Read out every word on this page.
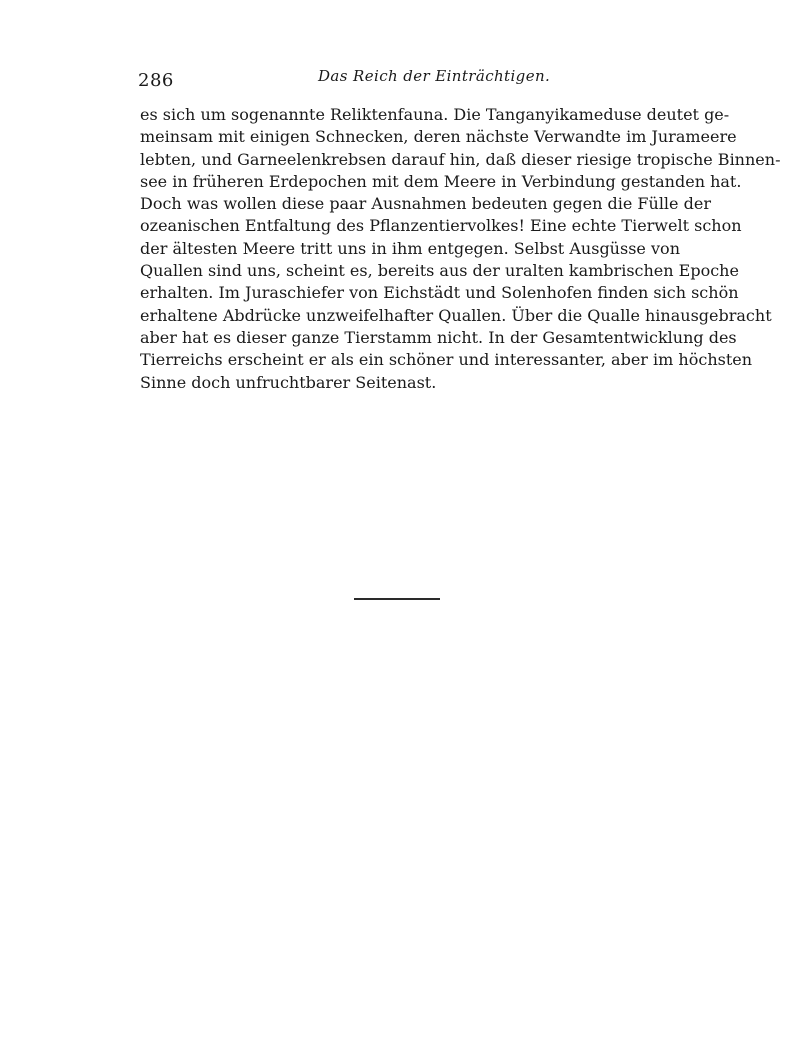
286	Das Reich der Einträchtigen.
es sich um sogenannte Reliktenfauna. Die Tanganyikameduse deutet ge-
meinsam mit einigen Schnecken, deren nächste Verwandte im Jurameere
lebten, und Garneelenkrebsen darauf hin, daß dieser riesige tropische Binnen-
see in früheren Erdepochen mit dem Meere in Verbindung gestanden hat.
Doch was wollen diese paar Ausnahmen bedeuten gegen die Fülle der
ozeanischen Entfaltung des Pflanzentiervolkes! Eine echte Tierwelt schon
der ältesten Meere tritt uns in ihm entgegen. Selbst Ausgüsse von
Quallen sind uns, scheint es, bereits aus der uralten kambrischen Epoche
erhalten. Im Juraschiefer von Eichstädt und Solenhofen finden sich schön
erhaltene Abdrücke unzweifelhafter Quallen. Über die Qualle hinausgebracht
aber hat es dieser ganze Tierstamm nicht. In der Gesamtentwicklung des
Tierreichs erscheint er als ein schöner und interessanter, aber im höchsten
Sinne doch unfruchtbarer Seitenast.
